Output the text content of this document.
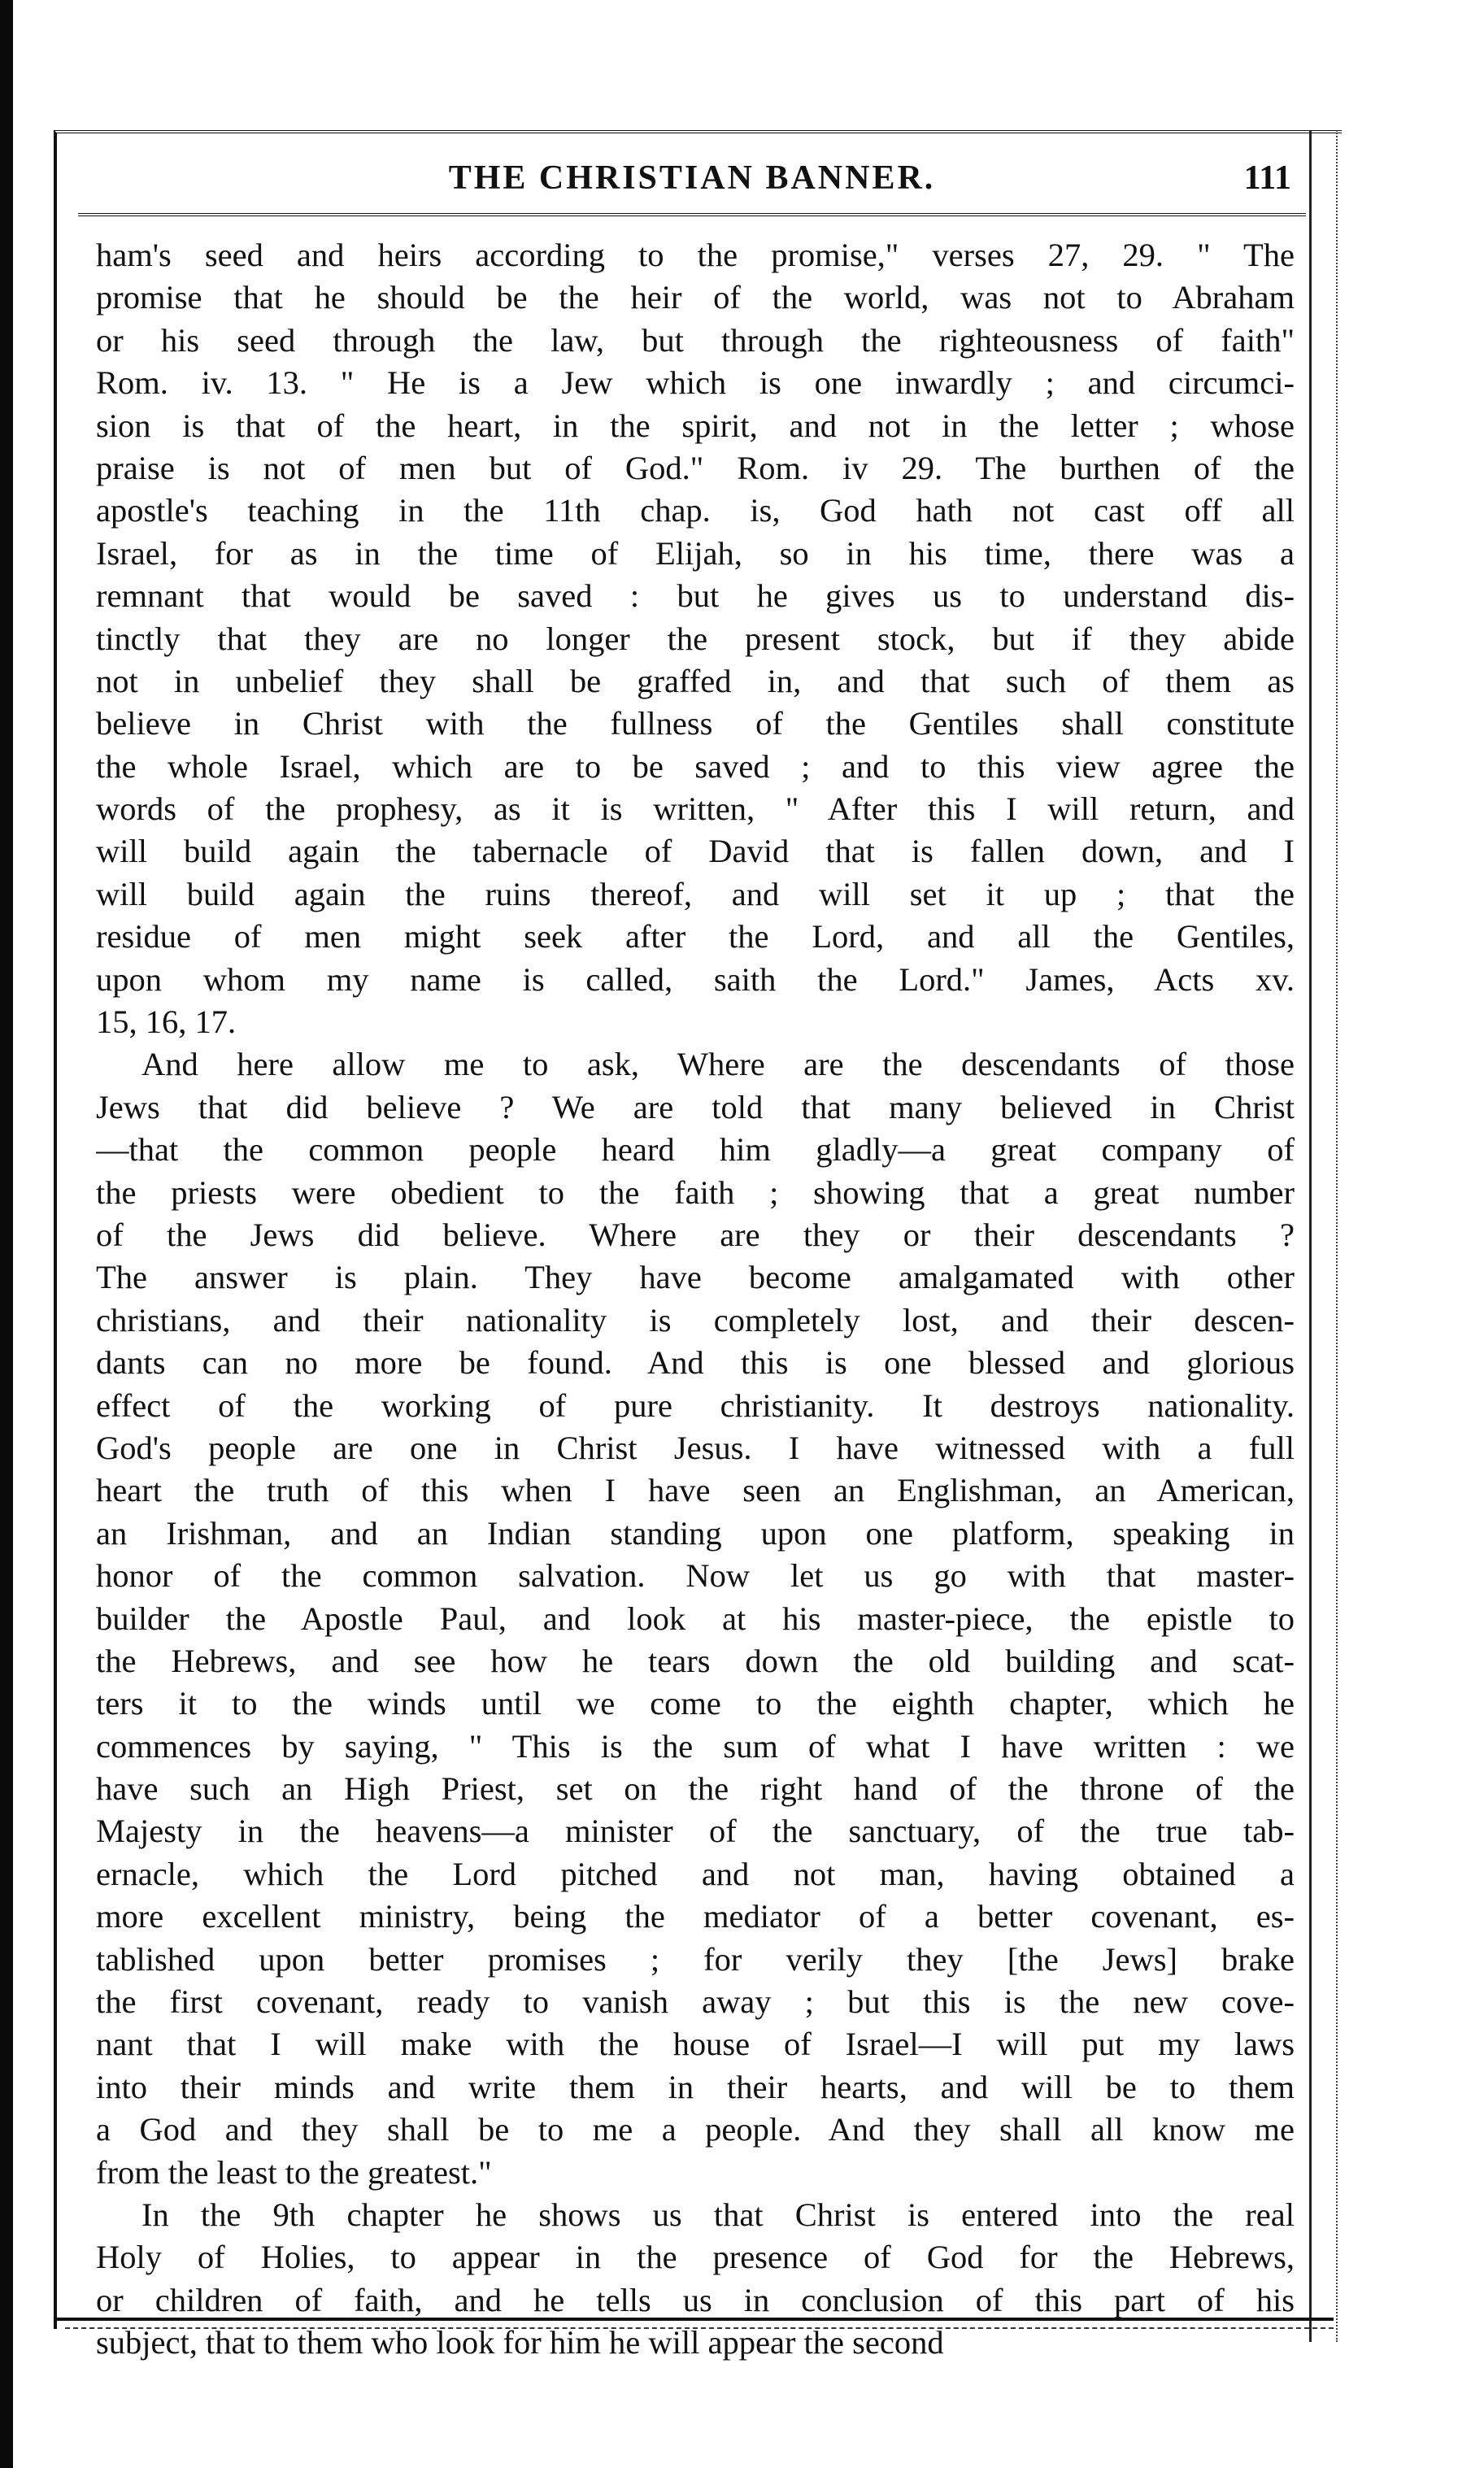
THE CHRISTIAN BANNER.	111
ham's seed and heirs according to the promise," verses 27, 29. " The
promise that he should be the heir of the world, was not to Abraham
or his seed through the law, but through the righteousness of faith"
Rom. iv. 13. " He is a Jew which is one inwardly ; and circumci-
sion is that of the heart, in the spirit, and not in the letter ; whose
praise is not of men but of God." Rom. iv 29. The burthen of the
apostle's teaching in the 11th chap. is, God hath not cast off all
Israel, for as in the time of Elijah, so in his time, there was a
remnant that would be saved : but he gives us to understand dis-
tinctly that they are no longer the present stock, but if they abide
not in unbelief they shall be graffed in, and that such of them as
believe in Christ with the fullness of the Gentiles shall constitute
the whole Israel, which are to be saved ; and to this view agree the
words of the prophesy, as it is written, " After this I will return, and
will build again the tabernacle of David that is fallen down, and I
will build again the ruins thereof, and will set it up ; that the
residue of men might seek after the Lord, and all the Gentiles,
upon whom my name is called, saith the Lord." James, Acts xv.
15, 16, 17.
And here allow me to ask, Where are the descendants of those
Jews that did believe ? We are told that many believed in Christ
—that the common people heard him gladly—a great company of
the priests were obedient to the faith ; showing that a great number
of the Jews did believe. Where are they or their descendants ?
The answer is plain. They have become amalgamated with other
christians, and their nationality is completely lost, and their descen-
dants can no more be found. And this is one blessed and glorious
effect of the working of pure christianity. It destroys nationality.
God's people are one in Christ Jesus. I have witnessed with a full
heart the truth of this when I have seen an Englishman, an American,
an Irishman, and an Indian standing upon one platform, speaking in
honor of the common salvation. Now let us go with that master-
builder the Apostle Paul, and look at his master-piece, the epistle to
the Hebrews, and see how he tears down the old building and scat-
ters it to the winds until we come to the eighth chapter, which he
commences by saying, " This is the sum of what I have written : we
have such an High Priest, set on the right hand of the throne of the
Majesty in the heavens—a minister of the sanctuary, of the true tab-
ernacle, which the Lord pitched and not man, having obtained a
more excellent ministry, being the mediator of a better covenant, es-
tablished upon better promises ; for verily they [the Jews] brake
the first covenant, ready to vanish away ; but this is the new cove-
nant that I will make with the house of Israel—I will put my laws
into their minds and write them in their hearts, and will be to them
a God and they shall be to me a people. And they shall all know me
from the least to the greatest."
In the 9th chapter he shows us that Christ is entered into the real
Holy of Holies, to appear in the presence of God for the Hebrews,
or children of faith, and he tells us in conclusion of this part of his
subject, that to them who look for him he will appear the second
